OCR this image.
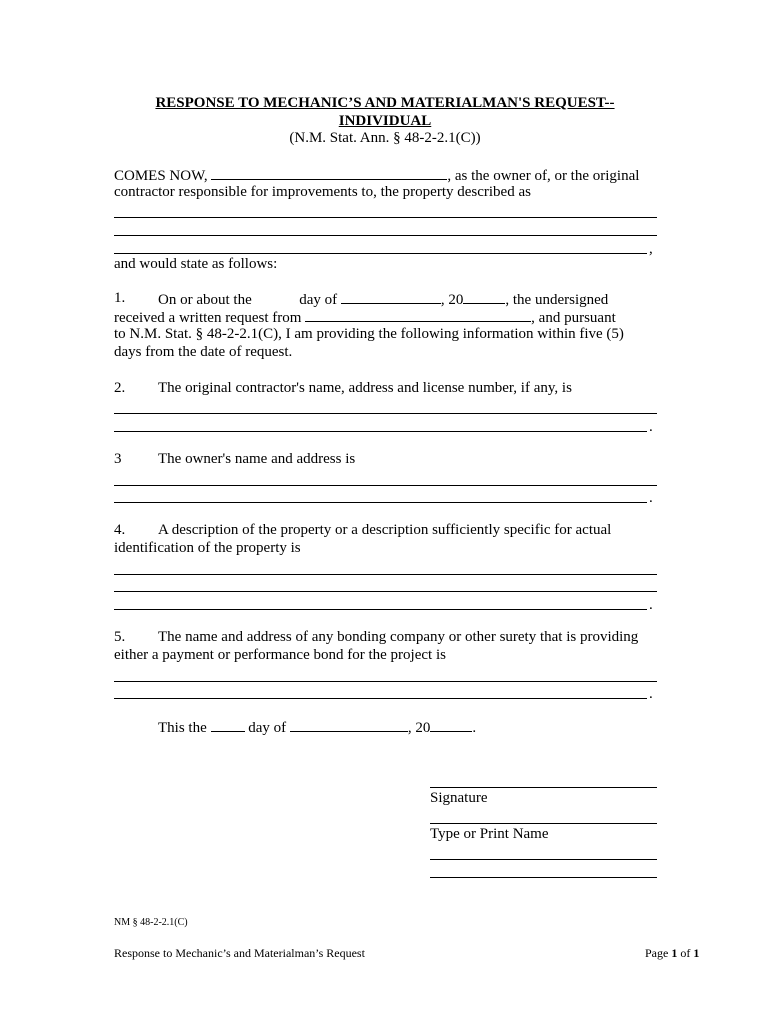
RESPONSE TO MECHANIC’S AND MATERIALMAN'S REQUEST--
INDIVIDUAL
(N.M. Stat. Ann. § 48-2-2.1(C))
COMES NOW,	, as the owner of, or the original
contractor responsible for improvements to, the property described as
,
and would state as follows:
1. On or about the	day of	, 20	, the undersigned
received a written request from	, and pursuant
to N.M. Stat. § 48-2-2.1(C), I am providing the following information within five (5)
days from the date of request.
2. The original contractor's name, address and license number, if any, is
.
3 The owner's name and address is
.
4. A description of the property or a description sufficiently specific for actual
identification of the property is
.
5. The name and address of any bonding company or other surety that is providing
either a payment or performance bond for the project is
.
This the	day of	, 20	.
Signature
Type or Print Name
NM § 48-2-2.1(C)
Response to Mechanic’s and Materialman’s Request	Page 1 of 1
